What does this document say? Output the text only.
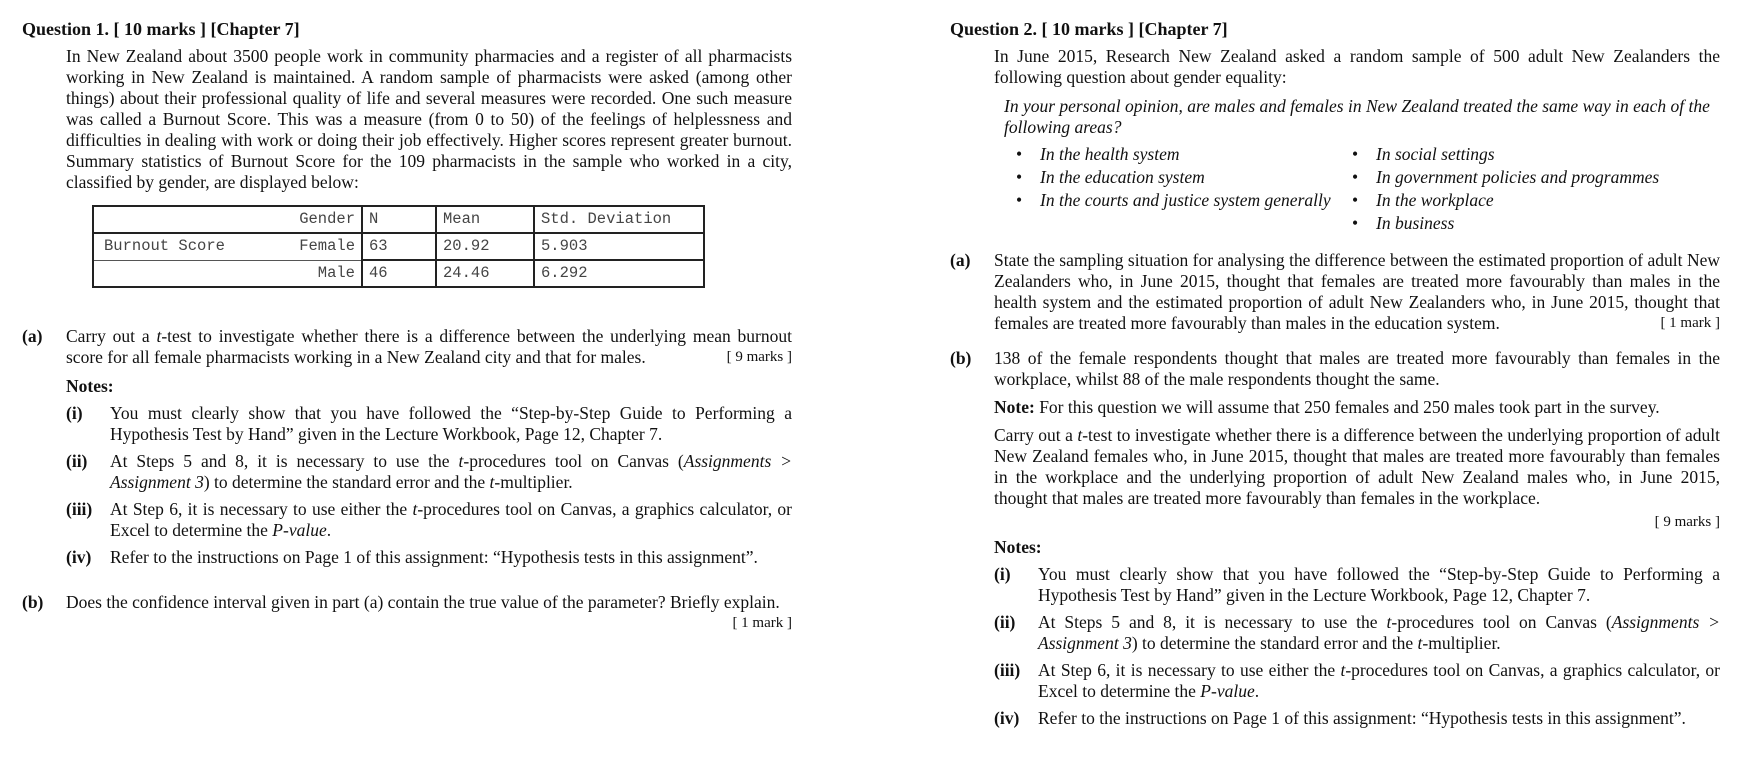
Question 1. [ 10 marks ] [Chapter 7]

In New Zealand about 3500 people work in community pharmacies and a register of all pharmacists working in New Zealand is maintained. A random sample of pharmacists were asked (among other things) about their professional quality of life and several measures were recorded. One such measure was called a Burnout Score. This was a measure (from 0 to 50) of the feelings of helplessness and difficulties in dealing with work or doing their job effectively. Higher scores represent greater burnout. Summary statistics of Burnout Score for the 109 pharmacists in the sample who worked in a city, classified by gender, are displayed below:

Gender	N	Mean	Std. Deviation
Burnout Score Female	63	20.92	5.903
Male	46	24.46	6.292
(a) Carry out a t-test to investigate whether there is a difference between the underlying mean burnout score for all female pharmacists working in a New Zealand city and that for males.	[ 9 marks ]

Notes:
(i) You must clearly show that you have followed the “Step-by-Step Guide to Performing a Hypothesis Test by Hand” given in the Lecture Workbook, Page 12, Chapter 7.
(ii) At Steps 5 and 8, it is necessary to use the t-procedures tool on Canvas (Assignments > Assignment 3) to determine the standard error and the t-multiplier.
(iii) At Step 6, it is necessary to use either the t-procedures tool on Canvas, a graphics calculator, or Excel to determine the P-value.
(iv) Refer to the instructions on Page 1 of this assignment: “Hypothesis tests in this assignment”.
(b) Does the confidence interval given in part (a) contain the true value of the parameter? Briefly explain.
[ 1 mark ]

Question 2. [ 10 marks ] [Chapter 7]

In June 2015, Research New Zealand asked a random sample of 500 adult New Zealanders the following question about gender equality:

In your personal opinion, are males and females in New Zealand treated the same way in each of the following areas?

• In the health system
• In the education system
• In the courts and justice system generally
• In social settings
• In government policies and programmes
• In the workplace
• In business
(a) State the sampling situation for analysing the difference between the estimated proportion of adult New Zealanders who, in June 2015, thought that females are treated more favourably than males in the health system and the estimated proportion of adult New Zealanders who, in June 2015, thought that females are treated more favourably than males in the education system.	[ 1 mark ]

(b) 138 of the female respondents thought that males are treated more favourably than females in the workplace, whilst 88 of the male respondents thought the same.

Note: For this question we will assume that 250 females and 250 males took part in the survey.

Carry out a t-test to investigate whether there is a difference between the underlying proportion of adult New Zealand females who, in June 2015, thought that males are treated more favourably than females in the workplace and the underlying proportion of adult New Zealand males who, in June 2015, thought that males are treated more favourably than females in the workplace.

[ 9 marks ]
Notes:
(i) You must clearly show that you have followed the “Step-by-Step Guide to Performing a Hypothesis Test by Hand” given in the Lecture Workbook, Page 12, Chapter 7.
(ii) At Steps 5 and 8, it is necessary to use the t-procedures tool on Canvas (Assignments > Assignment 3) to determine the standard error and the t-multiplier.
(iii) At Step 6, it is necessary to use either the t-procedures tool on Canvas, a graphics calculator, or Excel to determine the P-value.
(iv) Refer to the instructions on Page 1 of this assignment: “Hypothesis tests in this assignment”.
